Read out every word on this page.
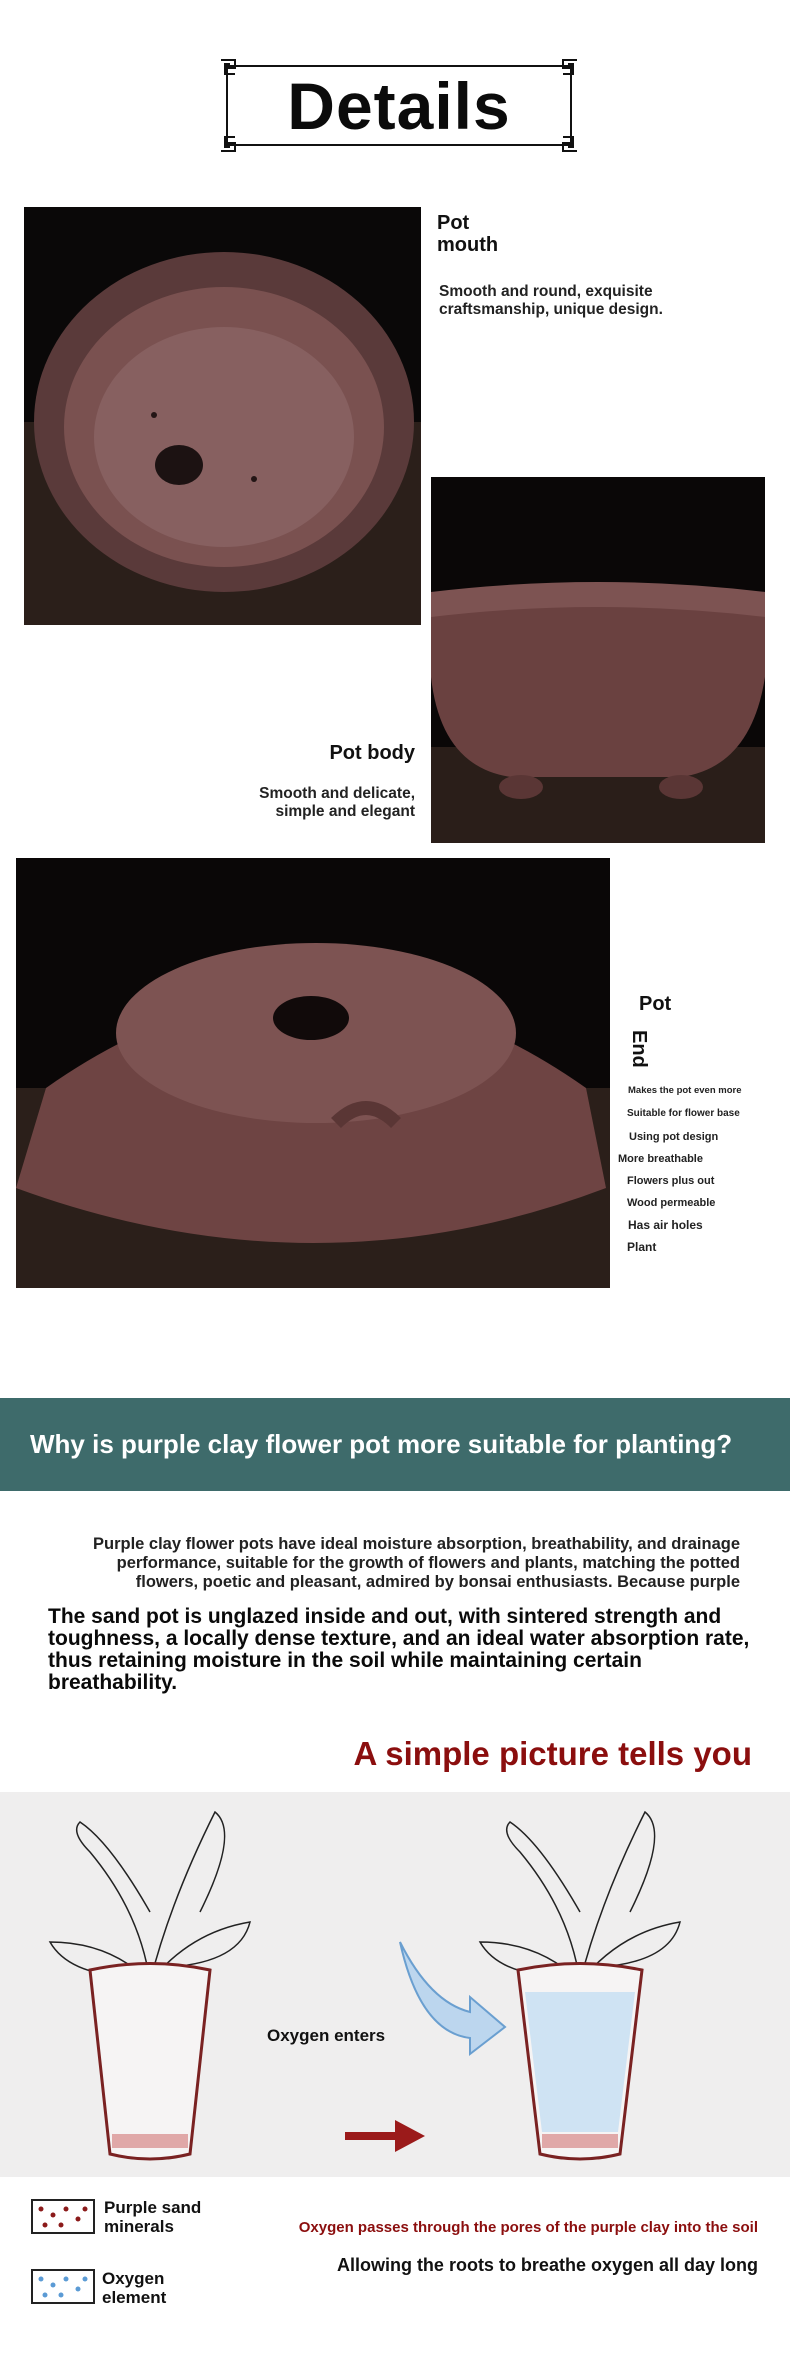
Details
Pot
mouth
Smooth and round, exquisite
craftsmanship, unique design.
Pot body
Smooth and delicate,
simple and elegant
Pot
End
Makes the pot even more
Suitable for flower base
Using pot design
More breathable
Flowers plus out
Wood permeable
Has air holes
Plant
Why is purple clay flower pot more suitable for planting?
Purple clay flower pots have ideal moisture absorption, breathability, and drainage
performance, suitable for the growth of flowers and plants, matching the potted
flowers, poetic and pleasant, admired by bonsai enthusiasts. Because purple
The sand pot is unglazed inside and out, with sintered strength and toughness, a locally dense texture, and an ideal water absorption rate, thus retaining moisture in the soil while maintaining certain breathability.
A simple picture tells you
Oxygen enters
Purple sand
minerals
Oxygen
element
Oxygen passes through the pores of the purple clay into the soil
Allowing the roots to breathe oxygen all day long
